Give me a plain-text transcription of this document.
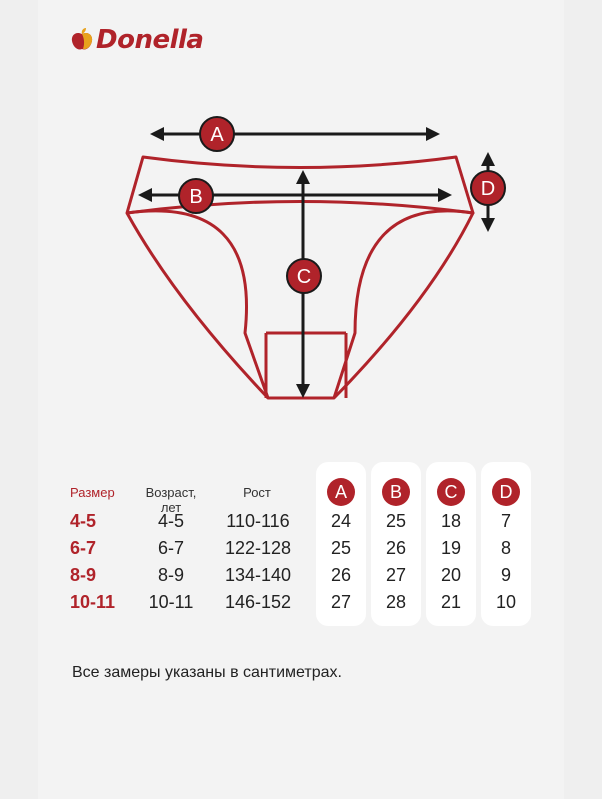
Donella
A
B
C
D
Размер	Возраст,
лет
Рост
4-5
6-7
8-9
10-11
4-5
6-7
8-9
10-11
110-116
122-128
134-140
146-152
A
24
25
26
27
B
25
26
27
28
C
18
19
20
21
D
7
8
9
10
Все замеры указаны в сантиметрах.
